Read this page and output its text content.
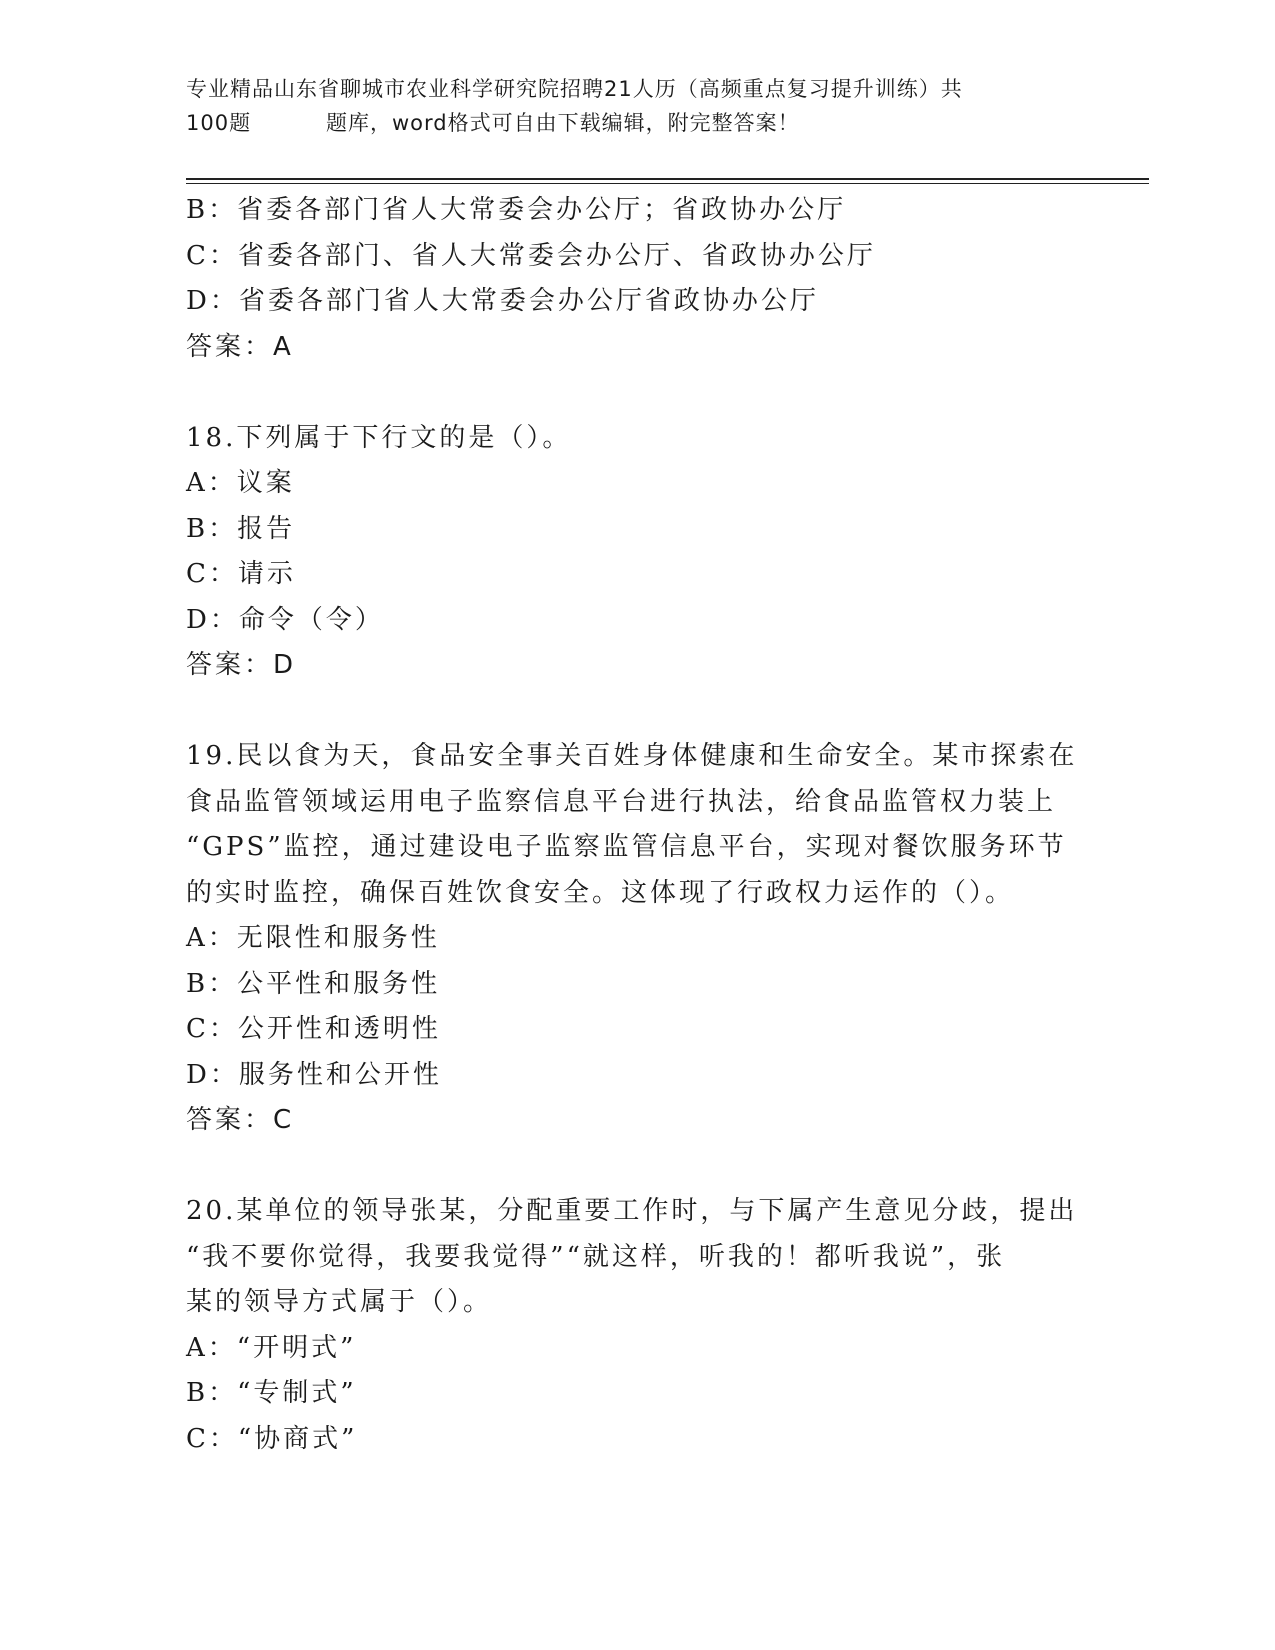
专业精品山东省聊城市农业科学研究院招聘21人历（高频重点复习提升训练）共
100题	题库，word格式可自由下载编辑，附完整答案！
B：省委各部门省人大常委会办公厅；省政协办公厅
C：省委各部门、省人大常委会办公厅、省政协办公厅
D：省委各部门省人大常委会办公厅省政协办公厅
答案：A
18.下列属于下行文的是（）。
A：议案
B：报告
C：请示
D：命令（令）
答案：D
19.民以食为天，食品安全事关百姓身体健康和生命安全。某市探索在
食品监管领域运用电子监察信息平台进行执法，给食品监管权力装上
“GPS”监控，通过建设电子监察监管信息平台，实现对餐饮服务环节
的实时监控，确保百姓饮食安全。这体现了行政权力运作的（）。
A：无限性和服务性
B：公平性和服务性
C：公开性和透明性
D：服务性和公开性
答案：C
20.某单位的领导张某，分配重要工作时，与下属产生意见分歧，提出
“我不要你觉得，我要我觉得”“就这样，听我的！都听我说”，张
某的领导方式属于（）。
A：“开明式”
B：“专制式”
C：“协商式”
